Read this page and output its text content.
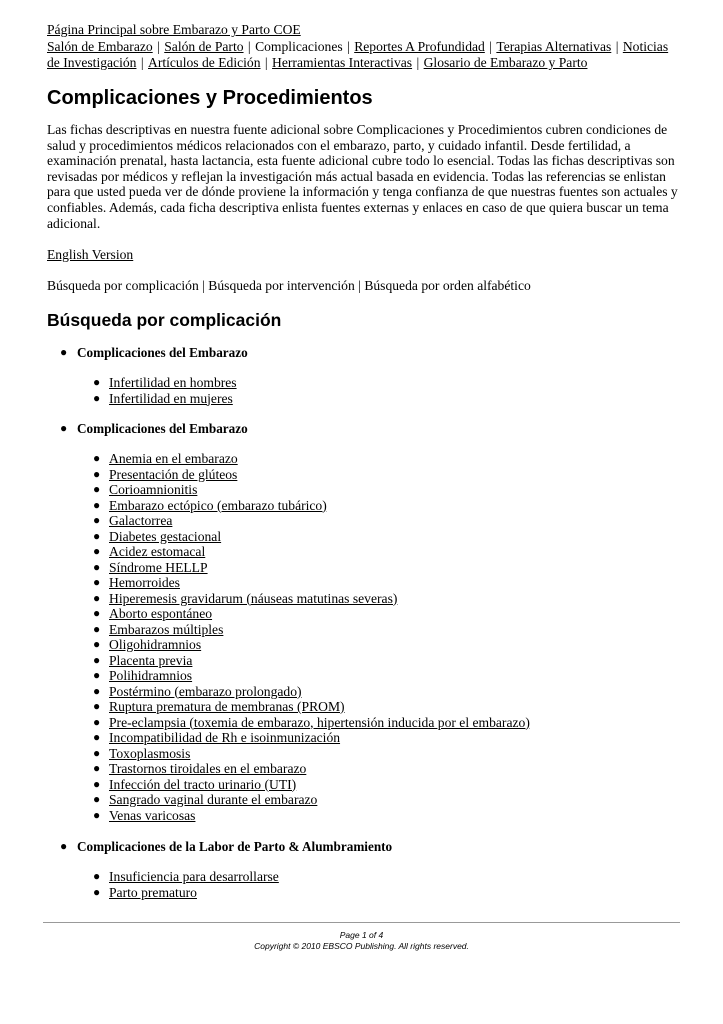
Página Principal sobre Embarazo y Parto COE
Salón de Embarazo | Salón de Parto | Complicaciones | Reportes A Profundidad | Terapias Alternativas | Noticias de Investigación | Artículos de Edición | Herramientas Interactivas | Glosario de Embarazo y Parto
Complicaciones y Procedimientos

Las fichas descriptivas en nuestra fuente adicional sobre Complicaciones y Procedimientos cubren condiciones de salud y procedimientos médicos relacionados con el embarazo, parto, y cuidado infantil. Desde fertilidad, a examinación prenatal, hasta lactancia, esta fuente adicional cubre todo lo esencial. Todas las fichas descriptivas son revisadas por médicos y reflejan la investigación más actual basada en evidencia. Todas las referencias se enlistan para que usted pueda ver de dónde proviene la información y tenga confianza de que nuestras fuentes son actuales y confiables. Además, cada ficha descriptiva enlista fuentes externas y enlaces en caso de que quiera buscar un tema adicional.

English Version
Búsqueda por complicación | Búsqueda por intervención | Búsqueda por orden alfabético
Búsqueda por complicación
● Complicaciones del Embarazo
● Infertilidad en hombres
● Infertilidad en mujeres
● Complicaciones del Embarazo
● Anemia en el embarazo
● Presentación de glúteos
● Corioamnionitis
● Embarazo ectópico (embarazo tubárico)
● Galactorrea
● Diabetes gestacional
● Acidez estomacal
● Síndrome HELLP
● Hemorroides
● Hiperemesis gravidarum (náuseas matutinas severas)
● Aborto espontáneo
● Embarazos múltiples
● Oligohidramnios
● Placenta previa
● Polihidramnios
● Postérmino (embarazo prolongado)
● Ruptura prematura de membranas (PROM)
● Pre-eclampsia (toxemia de embarazo, hipertensión inducida por el embarazo)
● Incompatibilidad de Rh e isoinmunización
● Toxoplasmosis
● Trastornos tiroidales en el embarazo
● Infección del tracto urinario (UTI)
● Sangrado vaginal durante el embarazo
● Venas varicosas
● Complicaciones de la Labor de Parto & Alumbramiento
● Insuficiencia para desarrollarse
● Parto prematuro
Page 1 of 4
Copyright © 2010 EBSCO Publishing. All rights reserved.
